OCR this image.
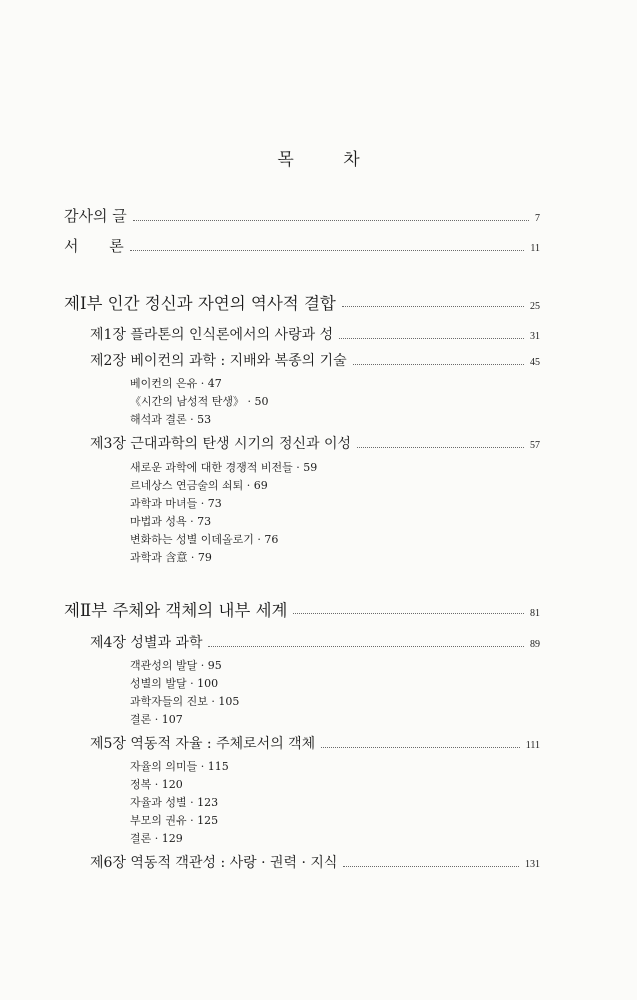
목	차
감사의 글	7
서 론	11
제Ⅰ부 인간 정신과 자연의 역사적 결합	25
제1장 플라톤의 인식론에서의 사랑과 성	31
제2장 베이컨의 과학 : 지배와 복종의 기술	45
베이컨의 은유 · 47
《시간의 남성적 탄생》 · 50
해석과 결론 · 53
제3장 근대과학의 탄생 시기의 정신과 이성	57
새로운 과학에 대한 경쟁적 비전들 · 59
르네상스 연금술의 쇠퇴 · 69
과학과 마녀들 · 73
마법과 성욕 · 73
변화하는 성별 이데올로기 · 76
과학과 含意 · 79
제Ⅱ부 주체와 객체의 내부 세계	81
제4장 성별과 과학	89
객관성의 발달 · 95
성별의 발달 · 100
과학자들의 진보 · 105
결론 · 107
제5장 역동적 자율 : 주체로서의 객체	111
자율의 의미들 · 115
정복 · 120
자율과 성별 · 123
부모의 권유 · 125
결론 · 129
제6장 역동적 객관성 : 사랑 · 권력 · 지식	131
